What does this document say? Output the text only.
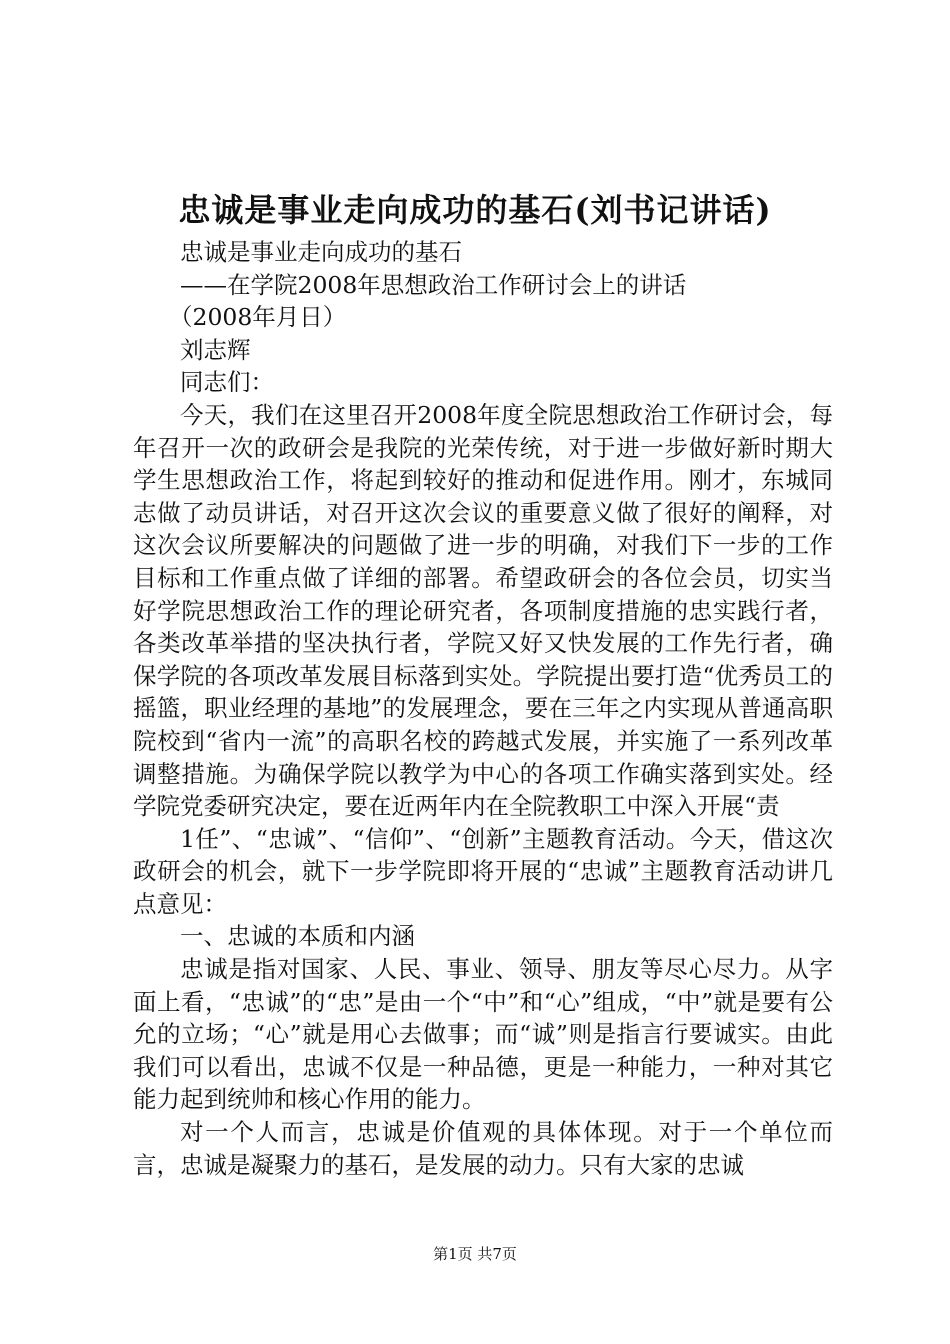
忠诚是事业走向成功的基石(刘书记讲话)

忠诚是事业走向成功的基石

——在学院2008年思想政治工作研讨会上的讲话

（2008年月日）

刘志辉

同志们：

今天，我们在这里召开2008年度全院思想政治工作研讨会，每年召开一次的政研会是我院的光荣传统，对于进一步做好新时期大学生思想政治工作，将起到较好的推动和促进作用。刚才，东城同志做了动员讲话，对召开这次会议的重要意义做了很好的阐释，对这次会议所要解决的问题做了进一步的明确，对我们下一步的工作目标和工作重点做了详细的部署。希望政研会的各位会员，切实当好学院思想政治工作的理论研究者，各项制度措施的忠实践行者，各类改革举措的坚决执行者，学院又好又快发展的工作先行者，确保学院的各项改革发展目标落到实处。学院提出要打造“优秀员工的摇篮，职业经理的基地”的发展理念，要在三年之内实现从普通高职院校到“省内一流”的高职名校的跨越式发展，并实施了一系列改革调整措施。为确保学院以教学为中心的各项工作确实落到实处。经学院党委研究决定，要在近两年内在全院教职工中深入开展“责

1任”、“忠诚”、“信仰”、“创新”主题教育活动。今天，借这次政研会的机会，就下一步学院即将开展的“忠诚”主题教育活动讲几点意见：

一、忠诚的本质和内涵

忠诚是指对国家、人民、事业、领导、朋友等尽心尽力。从字面上看，“忠诚”的“忠”是由一个“中”和“心”组成，“中”就是要有公允的立场；“心”就是用心去做事；而“诚”则是指言行要诚实。由此我们可以看出，忠诚不仅是一种品德，更是一种能力，一种对其它能力起到统帅和核心作用的能力。

对一个人而言，忠诚是价值观的具体体现。对于一个单位而言，忠诚是凝聚力的基石，是发展的动力。只有大家的忠诚

第1页 共7页
